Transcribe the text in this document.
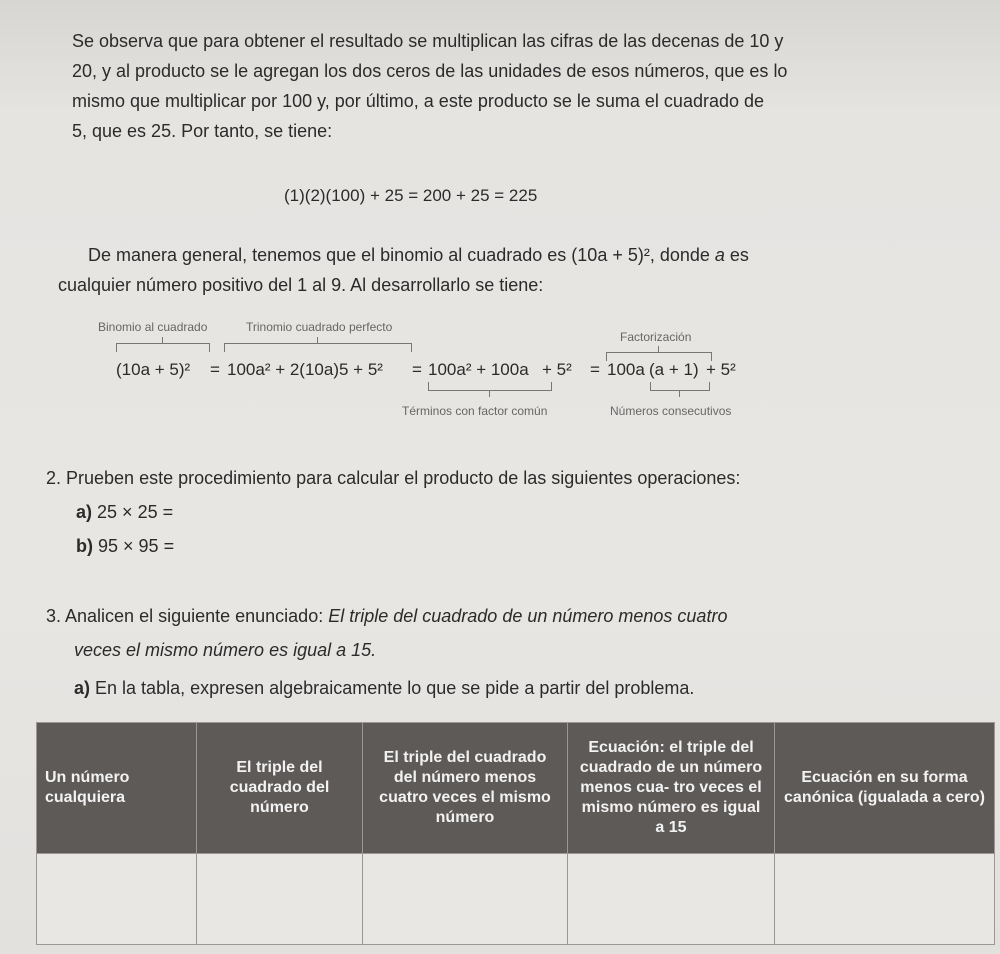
Se observa que para obtener el resultado se multiplican las cifras de las decenas de 10 y
20, y al producto se le agregan los dos ceros de las unidades de esos números, que es lo
mismo que multiplicar por 100 y, por último, a este producto se le suma el cuadrado de
5, que es 25. Por tanto, se tiene:
(1)(2)(100) + 25 = 200 + 25 = 225
De manera general, tenemos que el binomio al cuadrado es (10a + 5)², donde a es
cualquier número positivo del 1 al 9. Al desarrollarlo se tiene:
Binomio al cuadrado	Trinomio cuadrado perfecto
Factorización
(10a + 5)² = 100a² + 2(10a)5 + 5² = 100a² + 100a + 5² = 100a (a + 1) + 5²
Términos con factor común	Números consecutivos
2. Prueben este procedimiento para calcular el producto de las siguientes operaciones:
a) 25 × 25 =
b) 95 × 95 =
3. Analicen el siguiente enunciado: El triple del cuadrado de un número menos cuatro
veces el mismo número es igual a 15.
a) En la tabla, expresen algebraicamente lo que se pide a partir del problema.
Un número cualquiera	El triple del cuadrado del número	El triple del cuadrado del número menos cuatro veces el mismo número	Ecuación: el triple del cuadrado de un número menos cua- tro veces el mismo número es igual a 15	Ecuación en su forma canónica (igualada a cero)
